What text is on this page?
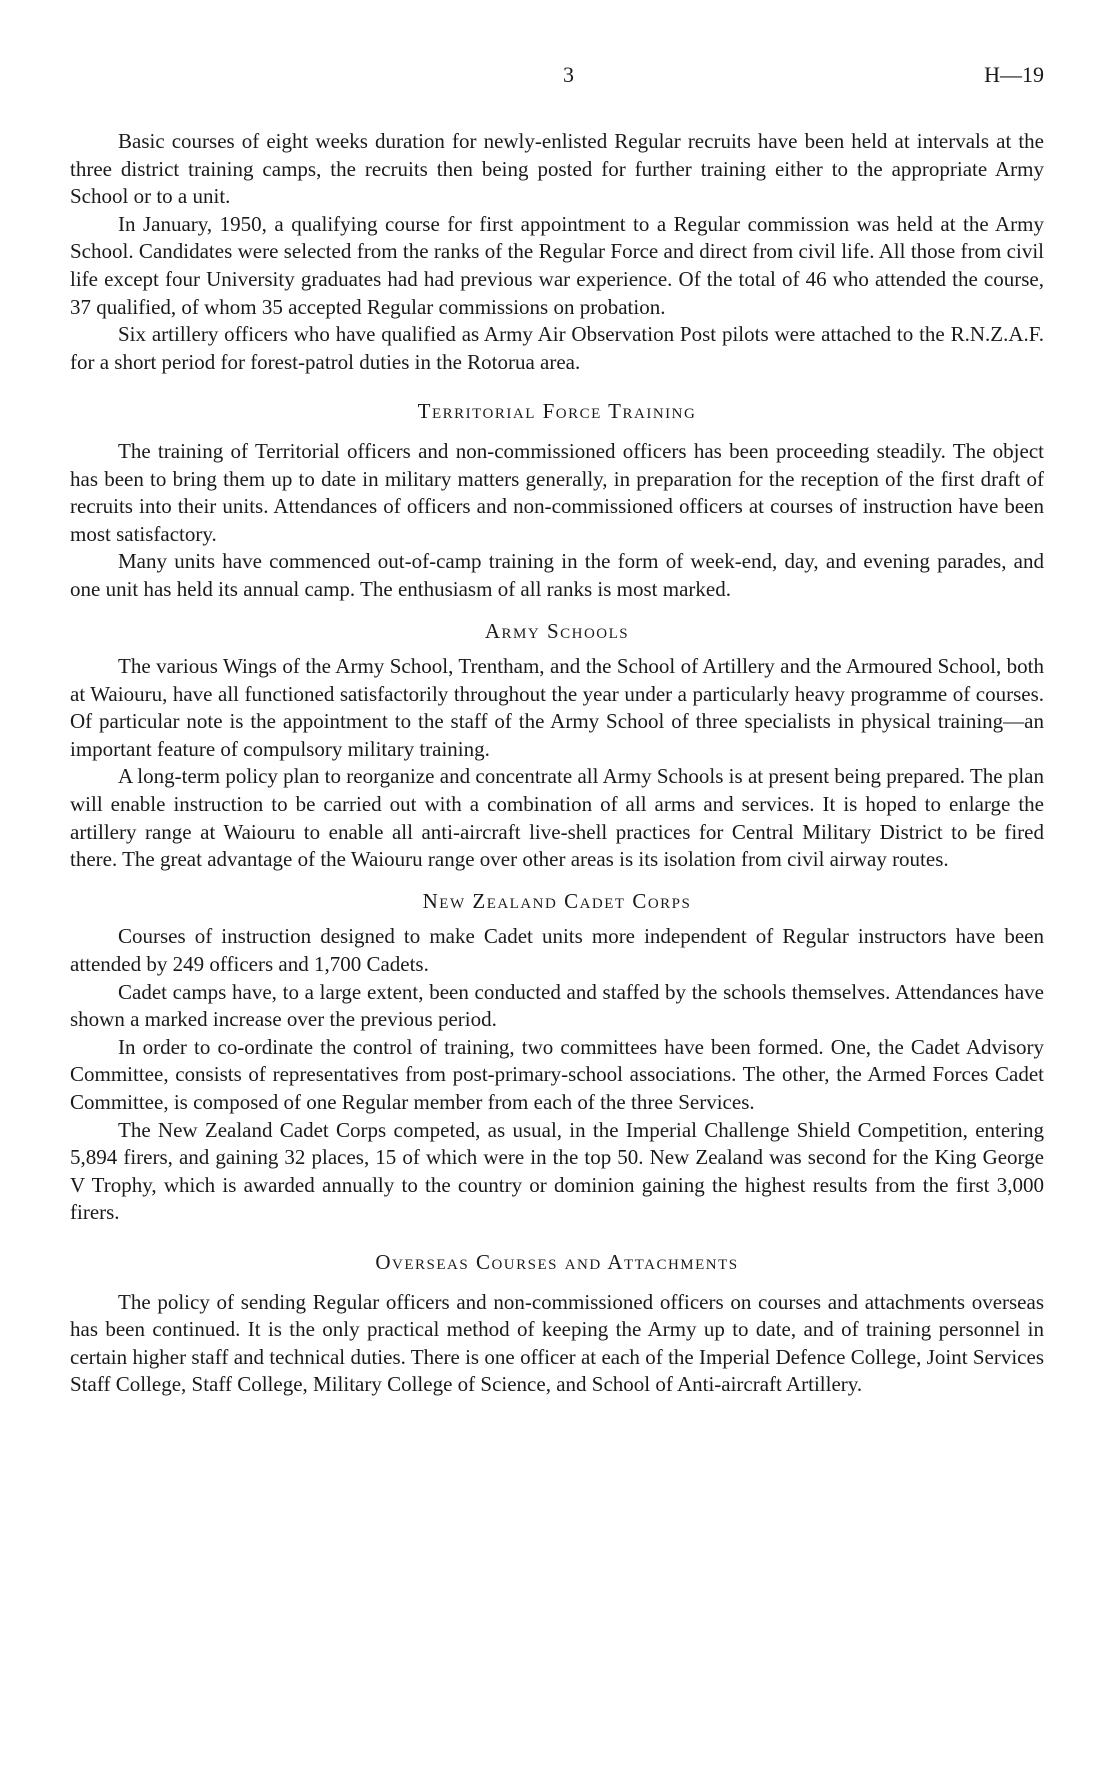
3	H—19

Basic courses of eight weeks duration for newly-enlisted Regular recruits have been held at intervals at the three district training camps, the recruits then being posted for further training either to the appropriate Army School or to a unit.

In January, 1950, a qualifying course for first appointment to a Regular commission was held at the Army School. Candidates were selected from the ranks of the Regular Force and direct from civil life. All those from civil life except four University graduates had had previous war experience. Of the total of 46 who attended the course, 37 qualified, of whom 35 accepted Regular commissions on probation.

Six artillery officers who have qualified as Army Air Observation Post pilots were attached to the R.N.Z.A.F. for a short period for forest-patrol duties in the Rotorua area.

Territorial Force Training

The training of Territorial officers and non-commissioned officers has been proceeding steadily. The object has been to bring them up to date in military matters generally, in preparation for the reception of the first draft of recruits into their units. Attendances of officers and non-commissioned officers at courses of instruction have been most satisfactory.

Many units have commenced out-of-camp training in the form of week-end, day, and evening parades, and one unit has held its annual camp. The enthusiasm of all ranks is most marked.

Army Schools

The various Wings of the Army School, Trentham, and the School of Artillery and the Armoured School, both at Waiouru, have all functioned satisfactorily throughout the year under a particularly heavy programme of courses. Of particular note is the appointment to the staff of the Army School of three specialists in physical training—an important feature of compulsory military training.

A long-term policy plan to reorganize and concentrate all Army Schools is at present being prepared. The plan will enable instruction to be carried out with a combination of all arms and services. It is hoped to enlarge the artillery range at Waiouru to enable all anti-aircraft live-shell practices for Central Military District to be fired there. The great advantage of the Waiouru range over other areas is its isolation from civil airway routes.

New Zealand Cadet Corps

Courses of instruction designed to make Cadet units more independent of Regular instructors have been attended by 249 officers and 1,700 Cadets.

Cadet camps have, to a large extent, been conducted and staffed by the schools themselves. Attendances have shown a marked increase over the previous period.

In order to co-ordinate the control of training, two committees have been formed. One, the Cadet Advisory Committee, consists of representatives from post-primary-school associations. The other, the Armed Forces Cadet Committee, is composed of one Regular member from each of the three Services.

The New Zealand Cadet Corps competed, as usual, in the Imperial Challenge Shield Competition, entering 5,894 firers, and gaining 32 places, 15 of which were in the top 50. New Zealand was second for the King George V Trophy, which is awarded annually to the country or dominion gaining the highest results from the first 3,000 firers.

Overseas Courses and Attachments

The policy of sending Regular officers and non-commissioned officers on courses and attachments overseas has been continued. It is the only practical method of keeping the Army up to date, and of training personnel in certain higher staff and technical duties. There is one officer at each of the Imperial Defence College, Joint Services Staff College, Staff College, Military College of Science, and School of Anti-aircraft Artillery.
